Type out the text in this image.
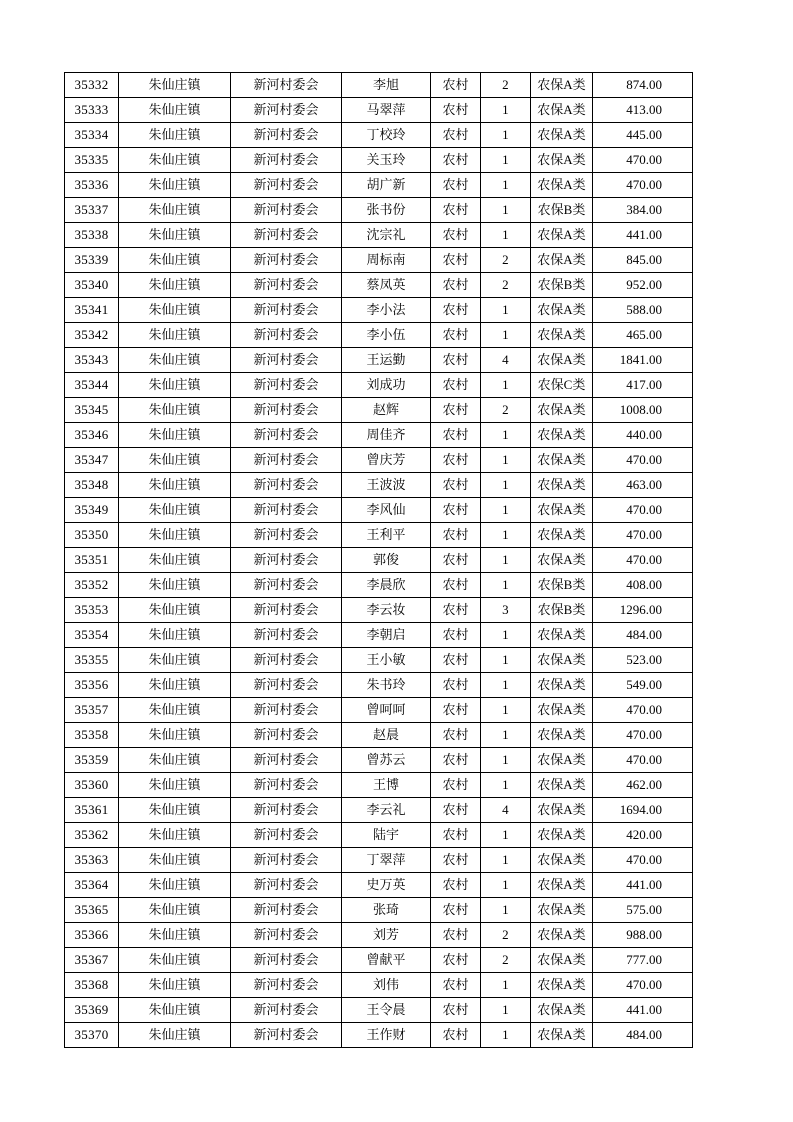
35332	朱仙庄镇	新河村委会	李旭	农村	2	农保A类	874.00
35333	朱仙庄镇	新河村委会	马翠萍	农村	1	农保A类	413.00
35334	朱仙庄镇	新河村委会	丁校玲	农村	1	农保A类	445.00
35335	朱仙庄镇	新河村委会	关玉玲	农村	1	农保A类	470.00
35336	朱仙庄镇	新河村委会	胡广新	农村	1	农保A类	470.00
35337	朱仙庄镇	新河村委会	张书份	农村	1	农保B类	384.00
35338	朱仙庄镇	新河村委会	沈宗礼	农村	1	农保A类	441.00
35339	朱仙庄镇	新河村委会	周标南	农村	2	农保A类	845.00
35340	朱仙庄镇	新河村委会	蔡凤英	农村	2	农保B类	952.00
35341	朱仙庄镇	新河村委会	李小法	农村	1	农保A类	588.00
35342	朱仙庄镇	新河村委会	李小伍	农村	1	农保A类	465.00
35343	朱仙庄镇	新河村委会	王运勤	农村	4	农保A类	1841.00
35344	朱仙庄镇	新河村委会	刘成功	农村	1	农保C类	417.00
35345	朱仙庄镇	新河村委会	赵辉	农村	2	农保A类	1008.00
35346	朱仙庄镇	新河村委会	周佳齐	农村	1	农保A类	440.00
35347	朱仙庄镇	新河村委会	曾庆芳	农村	1	农保A类	470.00
35348	朱仙庄镇	新河村委会	王波波	农村	1	农保A类	463.00
35349	朱仙庄镇	新河村委会	李风仙	农村	1	农保A类	470.00
35350	朱仙庄镇	新河村委会	王利平	农村	1	农保A类	470.00
35351	朱仙庄镇	新河村委会	郭俊	农村	1	农保A类	470.00
35352	朱仙庄镇	新河村委会	李晨欣	农村	1	农保B类	408.00
35353	朱仙庄镇	新河村委会	李云妆	农村	3	农保B类	1296.00
35354	朱仙庄镇	新河村委会	李朝启	农村	1	农保A类	484.00
35355	朱仙庄镇	新河村委会	王小敏	农村	1	农保A类	523.00
35356	朱仙庄镇	新河村委会	朱书玲	农村	1	农保A类	549.00
35357	朱仙庄镇	新河村委会	曾呵呵	农村	1	农保A类	470.00
35358	朱仙庄镇	新河村委会	赵晨	农村	1	农保A类	470.00
35359	朱仙庄镇	新河村委会	曾苏云	农村	1	农保A类	470.00
35360	朱仙庄镇	新河村委会	王博	农村	1	农保A类	462.00
35361	朱仙庄镇	新河村委会	李云礼	农村	4	农保A类	1694.00
35362	朱仙庄镇	新河村委会	陆宇	农村	1	农保A类	420.00
35363	朱仙庄镇	新河村委会	丁翠萍	农村	1	农保A类	470.00
35364	朱仙庄镇	新河村委会	史万英	农村	1	农保A类	441.00
35365	朱仙庄镇	新河村委会	张琦	农村	1	农保A类	575.00
35366	朱仙庄镇	新河村委会	刘芳	农村	2	农保A类	988.00
35367	朱仙庄镇	新河村委会	曾献平	农村	2	农保A类	777.00
35368	朱仙庄镇	新河村委会	刘伟	农村	1	农保A类	470.00
35369	朱仙庄镇	新河村委会	王令晨	农村	1	农保A类	441.00
35370	朱仙庄镇	新河村委会	王作财	农村	1	农保A类	484.00
